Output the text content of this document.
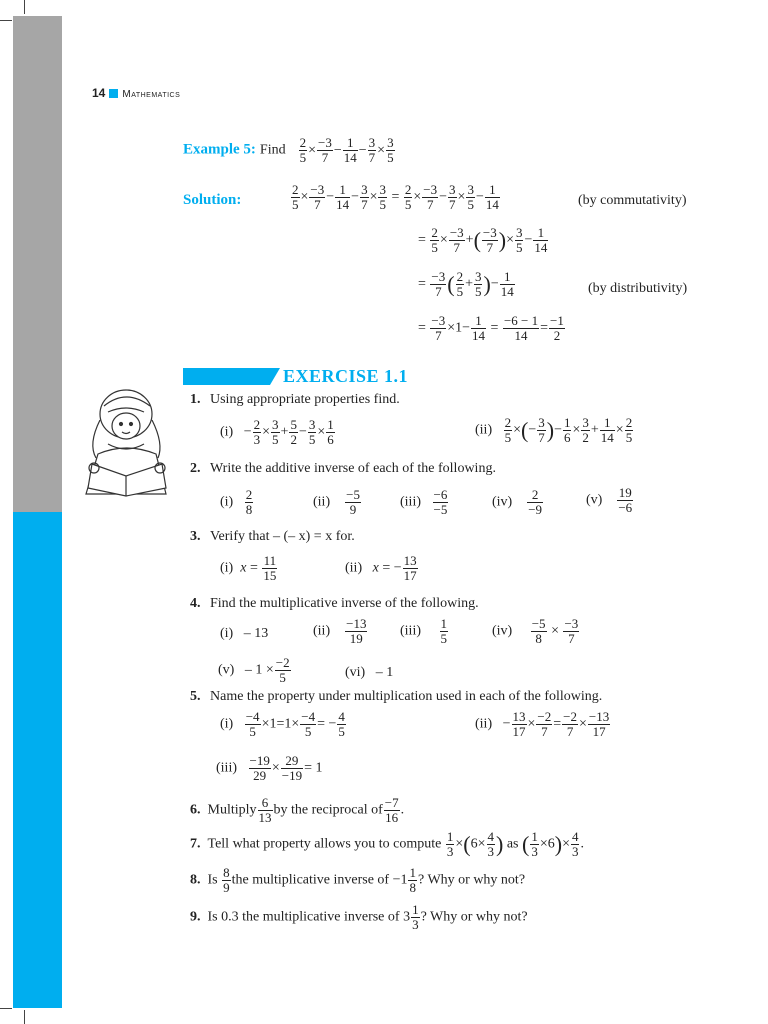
14 Mathematics
Example 5: Find $\frac{2}{5} \times \frac{-3}{7} - \frac{1}{14} - \frac{3}{7} \times \frac{3}{5}$
Solution:	$\frac{2}{5} \times \frac{-3}{7} - \frac{1}{14} - \frac{3}{7} \times \frac{3}{5} = \frac{2}{5} \times \frac{-3}{7} - \frac{3}{7} \times \frac{3}{5} - \frac{1}{14}$	(by commutativity)
= $\frac{2}{5} \times \frac{-3}{7}$ +( $\frac{-3}{7}$ )× $\frac{3}{5} - \frac{1}{14}$
= $\frac{-3}{7}$ ( $\frac{2}{5} + \frac{3}{5}$ )− $\frac{1}{14}$	(by distributivity)
= $\frac{-3}{7} \times 1- \frac{1}{14} = \frac{-6 - 1}{14} = \frac{-1}{2}$
EXERCISE 1.1
1. Using appropriate properties find.
$(i) - \frac{2}{3} \times \frac{3}{5} + \frac{5}{2} - \frac{3}{5} \times \frac{1}{6}$	$(ii) \frac{2}{5}$ ×(− $\frac{3}{7}$ )− $\frac{1}{6} \times \frac{3}{2} + \frac{1}{14} \times \frac{2}{5}$
2. Write the additive inverse of each of the following.
$(i) \frac{2}{8}$	$(ii) \frac{-5}{9}$	$(iii) \frac{-6}{-5}$	$(iv) \frac{2}{-9}$	$(v) \frac{19}{-6}$
3. Verify that – (– x) = x for.
(i) $x = \frac{11}{15}$	(ii) x = − $\frac{13}{17}$
4. Find the multiplicative inverse of the following.
(i) – 13	$(ii) \frac{-13}{19} (iii) \frac{1}{5}$	$(iv) \frac{-5}{8} \times \frac{-3}{7}$
$(v) - 1 \times \frac{-2}{5}$	(vi) – 1
5. Name the property under multiplication used in each of the following.
$(i) \frac{-4}{5} \times 1=1\times \frac{-4}{5}$ = − $\frac{4}{5}$	$(ii) - \frac{13}{17} \times \frac{-2}{7} = \frac{-2}{7} \times \frac{-13}{17}$
$(iii) \frac{-19}{29} \times \frac{29}{-19} = 1$
6. Multiply $\frac{6}{13}$ by the reciprocal of $\frac{-7}{16}$ .
7. Tell what property allows you to compute $\frac{1}{3} \times(6\times \frac{4}{3}$ ) as ( $\frac{1}{3} \times 6)\times \frac{4}{3}$ .
8. Is $\frac{8}{9}$ the multiplicative inverse of $-1 \frac{1}{8}$ ? Why or why not?
9. Is 0.3 the multiplicative inverse of $3 \frac{1}{3}$ ? Why or why not?
